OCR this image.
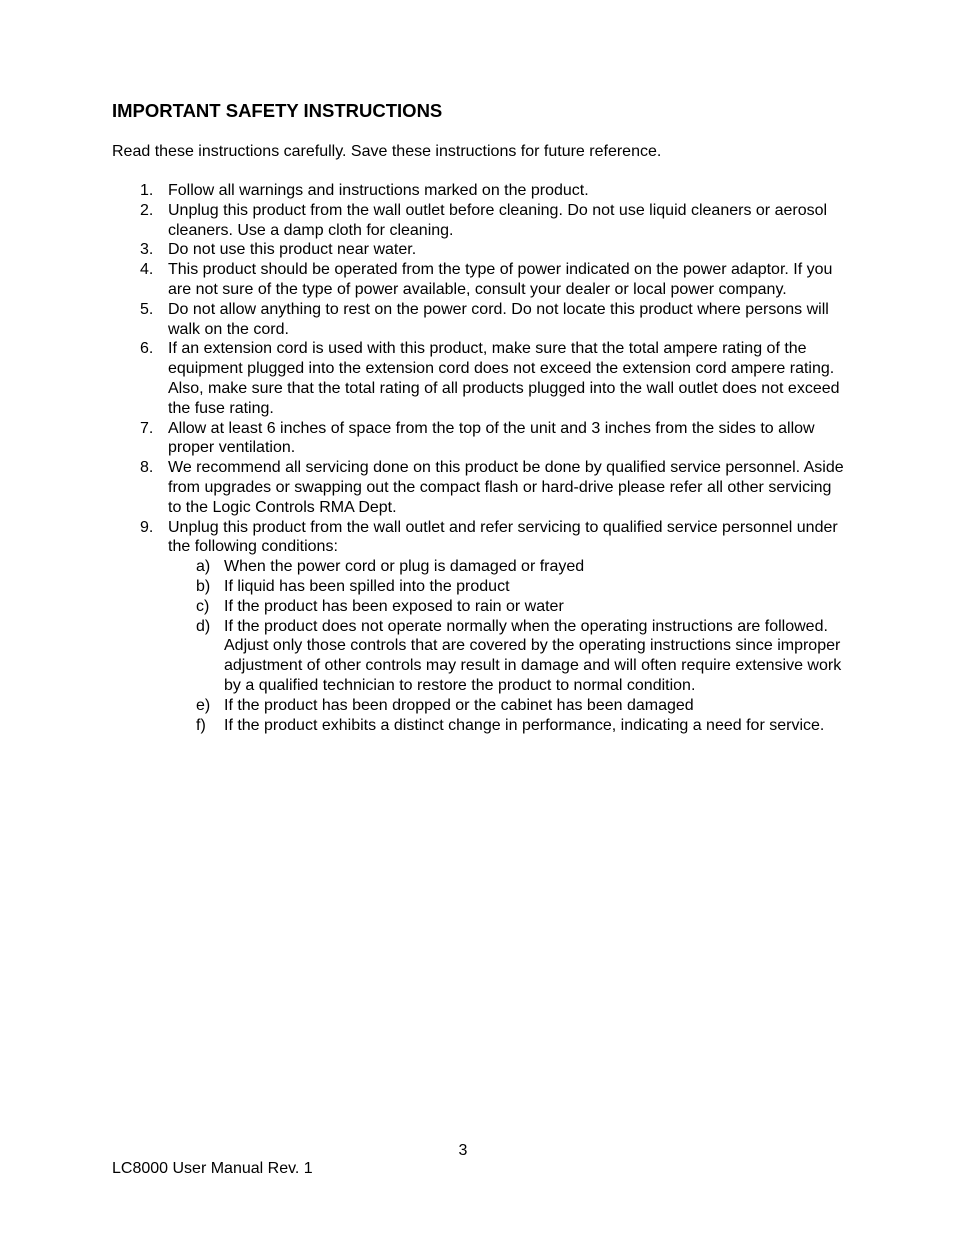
IMPORTANT SAFETY INSTRUCTIONS

Read these instructions carefully. Save these instructions for future reference.

1. Follow all warnings and instructions marked on the product.
2. Unplug this product from the wall outlet before cleaning. Do not use liquid cleaners or aerosol cleaners. Use a damp cloth for cleaning.
3. Do not use this product near water.
4. This product should be operated from the type of power indicated on the power adaptor. If you are not sure of the type of power available, consult your dealer or local power company.
5. Do not allow anything to rest on the power cord. Do not locate this product where persons will walk on the cord.
6. If an extension cord is used with this product, make sure that the total ampere rating of the equipment plugged into the extension cord does not exceed the extension cord ampere rating. Also, make sure that the total rating of all products plugged into the wall outlet does not exceed the fuse rating.
7. Allow at least 6 inches of space from the top of the unit and 3 inches from the sides to allow proper ventilation.
8. We recommend all servicing done on this product be done by qualified service personnel. Aside from upgrades or swapping out the compact flash or hard-drive please refer all other servicing to the Logic Controls RMA Dept.
9. Unplug this product from the wall outlet and refer servicing to qualified service personnel under the following conditions:
a) When the power cord or plug is damaged or frayed
b) If liquid has been spilled into the product
c) If the product has been exposed to rain or water
d) If the product does not operate normally when the operating instructions are followed. Adjust only those controls that are covered by the operating instructions since improper adjustment of other controls may result in damage and will often require extensive work by a qualified technician to restore the product to normal condition.
e) If the product has been dropped or the cabinet has been damaged
f) If the product exhibits a distinct change in performance, indicating a need for service.
3
LC8000 User Manual Rev. 1
